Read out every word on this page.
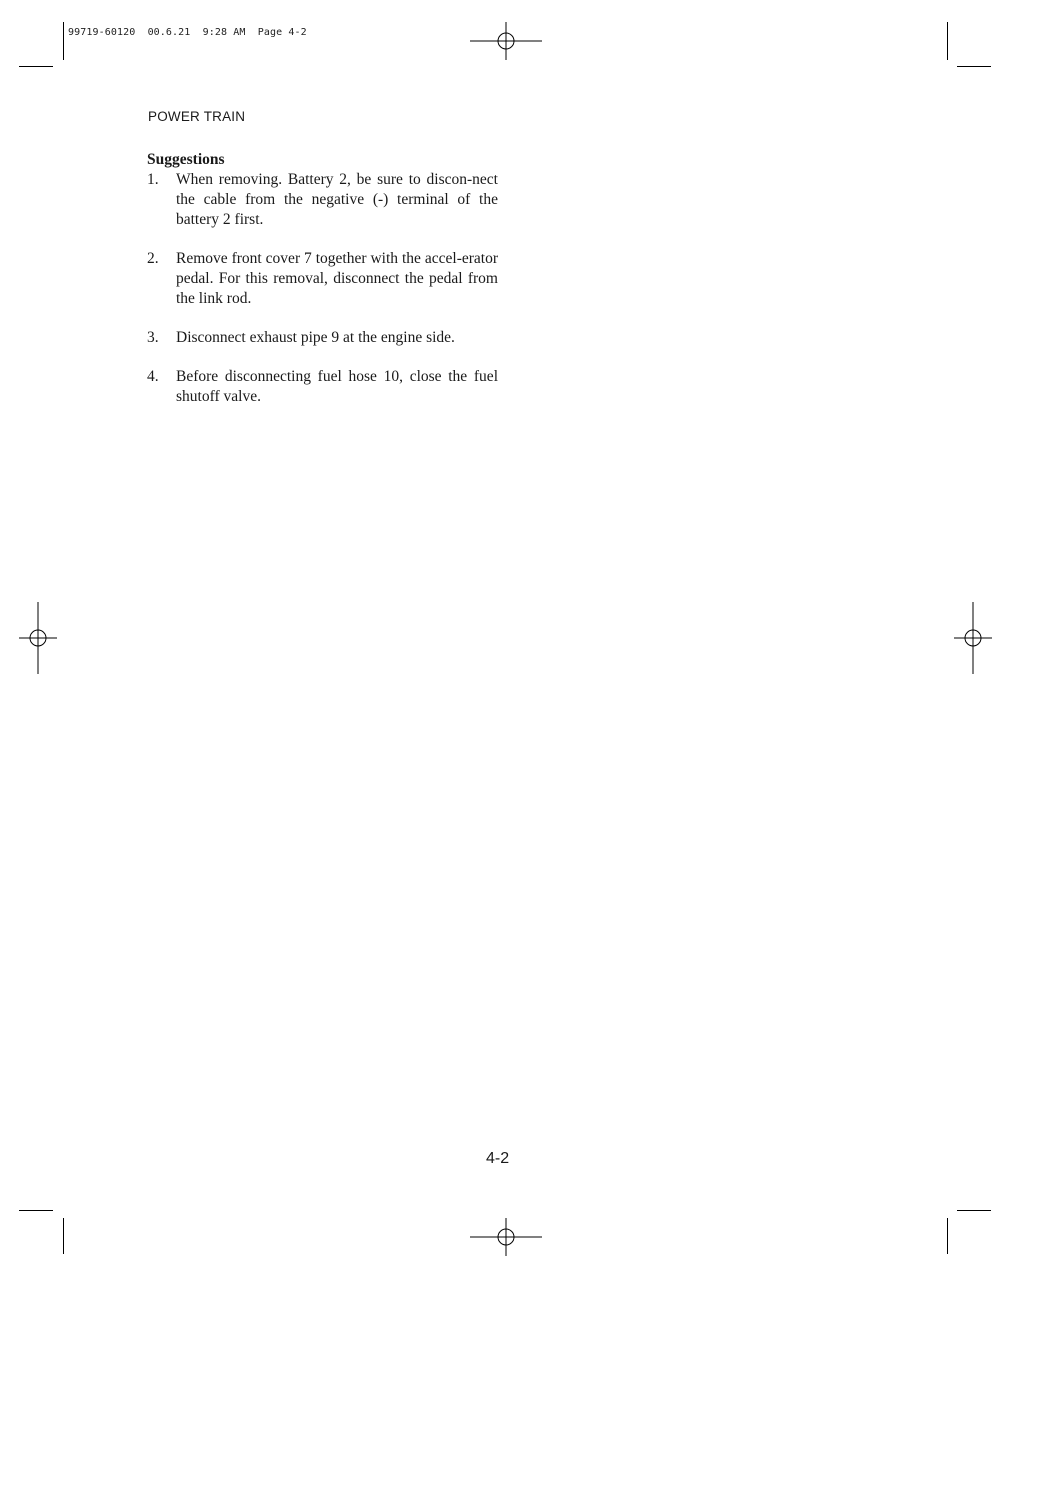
99719-60120  00.6.21  9:28 AM  Page 4-2
POWER TRAIN

Suggestions

1.	When removing. Battery 2, be sure to discon-nect the cable from the negative (-) terminal of the battery 2 first.
2.	Remove front cover 7 together with the accel-erator pedal. For this removal, disconnect the pedal from the link rod.
3.	Disconnect exhaust pipe 9 at the engine side.
4.	Before disconnecting fuel hose 10, close the fuel shutoff valve.
4-2
